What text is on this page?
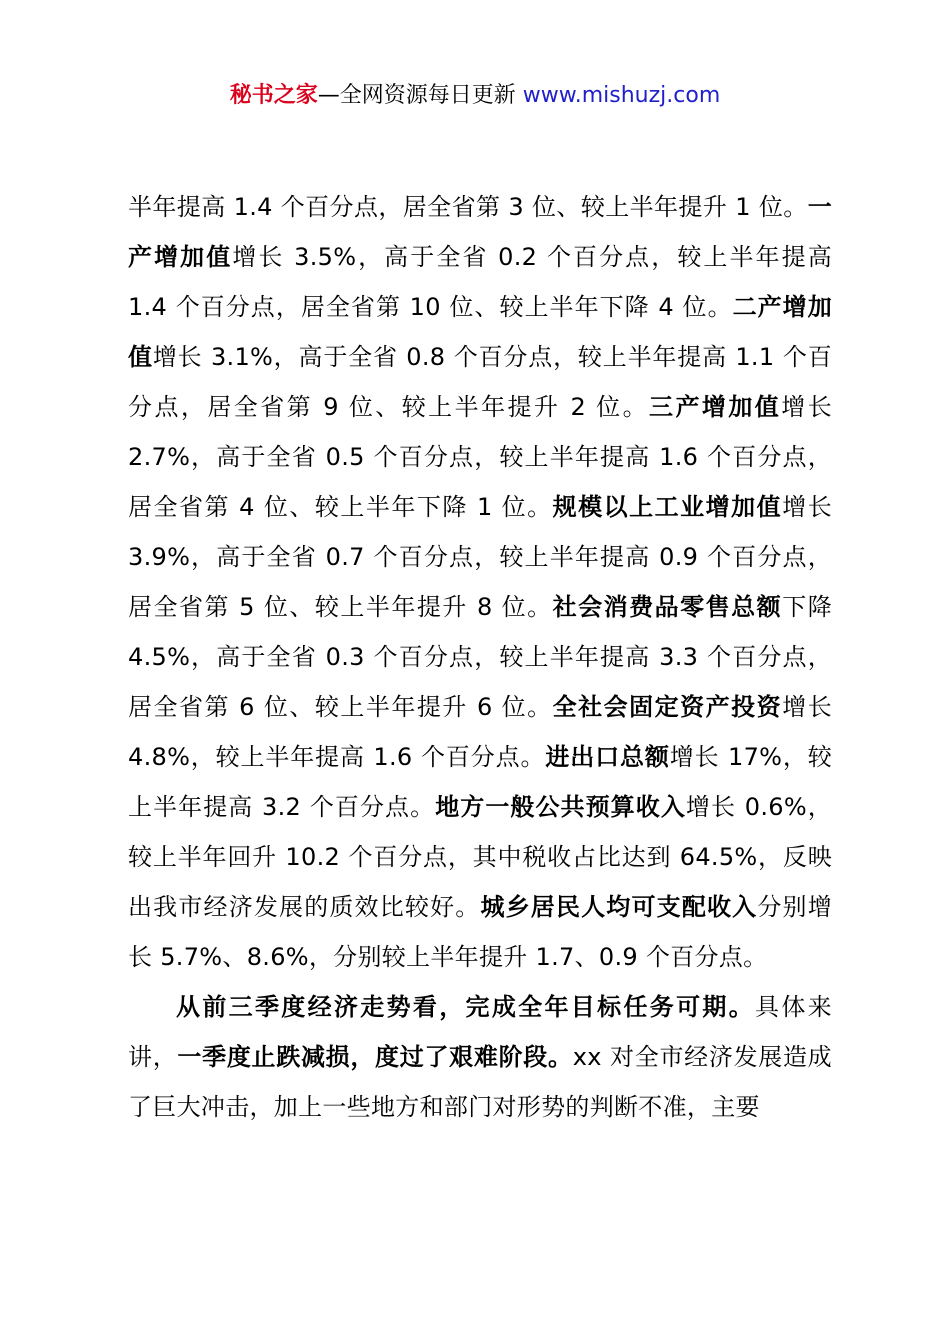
秘书之家—全网资源每日更新 www.mishuzj.com

半年提高 1.4 个百分点，居全省第 3 位、较上半年提升 1 位。一产增加值增长 3.5%，高于全省 0.2 个百分点，较上半年提高 1.4 个百分点，居全省第 10 位、较上半年下降 4 位。二产增加值增长 3.1%，高于全省 0.8 个百分点，较上半年提高 1.1 个百分点，居全省第 9 位、较上半年提升 2 位。三产增加值增长 2.7%，高于全省 0.5 个百分点，较上半年提高 1.6 个百分点，居全省第 4 位、较上半年下降 1 位。规模以上工业增加值增长 3.9%，高于全省 0.7 个百分点，较上半年提高 0.9 个百分点，居全省第 5 位、较上半年提升 8 位。社会消费品零售总额下降 4.5%，高于全省 0.3 个百分点，较上半年提高 3.3 个百分点，居全省第 6 位、较上半年提升 6 位。全社会固定资产投资增长 4.8%，较上半年提高 1.6 个百分点。进出口总额增长 17%，较上半年提高 3.2 个百分点。地方一般公共预算收入增长 0.6%，较上半年回升 10.2 个百分点，其中税收占比达到 64.5%，反映出我市经济发展的质效比较好。城乡居民人均可支配收入分别增长 5.7%、8.6%，分别较上半年提升 1.7、0.9 个百分点。

从前三季度经济走势看，完成全年目标任务可期。具体来讲，一季度止跌减损，度过了艰难阶段。xx 对全市经济发展造成了巨大冲击，加上一些地方和部门对形势的判断不准，主要
